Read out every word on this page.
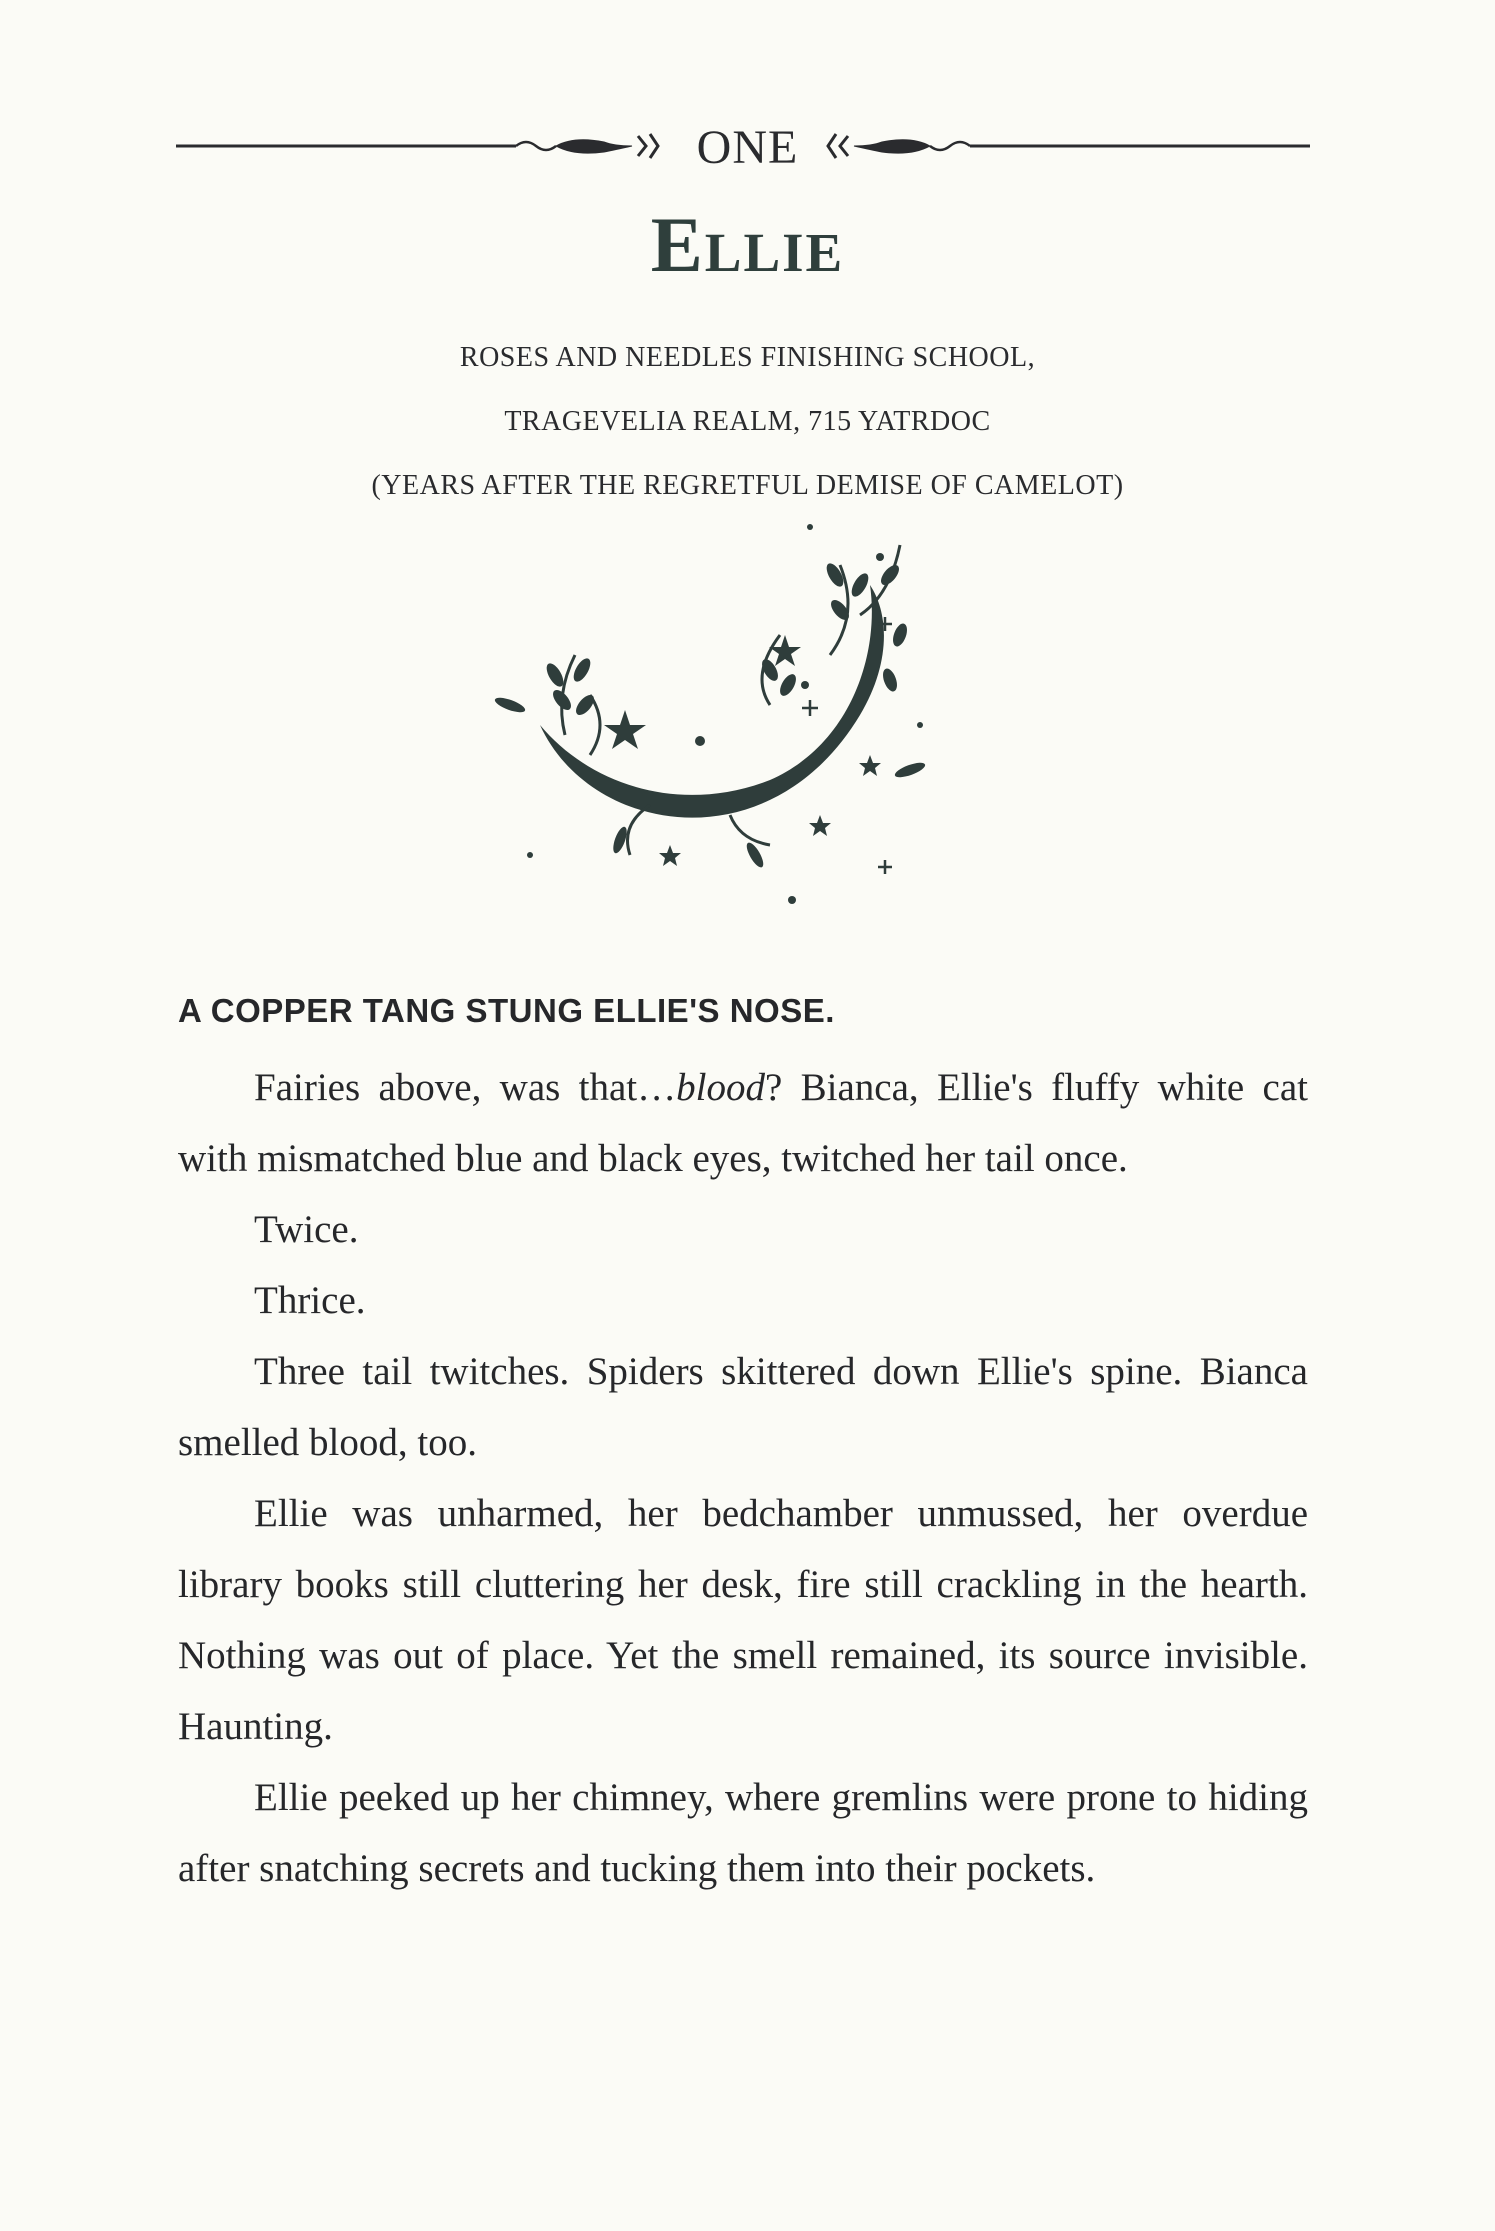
ONE
Ellie
ROSES AND NEEDLES FINISHING SCHOOL,
TRAGEVELIA REALM, 715 YATRDOC
(YEARS AFTER THE REGRETFUL DEMISE OF CAMELOT)
A COPPER TANG STUNG ELLIE'S NOSE.

Fairies above, was that…blood? Bianca, Ellie's fluffy white cat with mismatched blue and black eyes, twitched her tail once.

Twice.

Thrice.

Three tail twitches. Spiders skittered down Ellie's spine. Bianca smelled blood, too.

Ellie was unharmed, her bedchamber unmussed, her overdue library books still cluttering her desk, fire still crackling in the hearth. Nothing was out of place. Yet the smell remained, its source invisible. Haunting.

Ellie peeked up her chimney, where gremlins were prone to hiding after snatching secrets and tucking them into their pockets.
